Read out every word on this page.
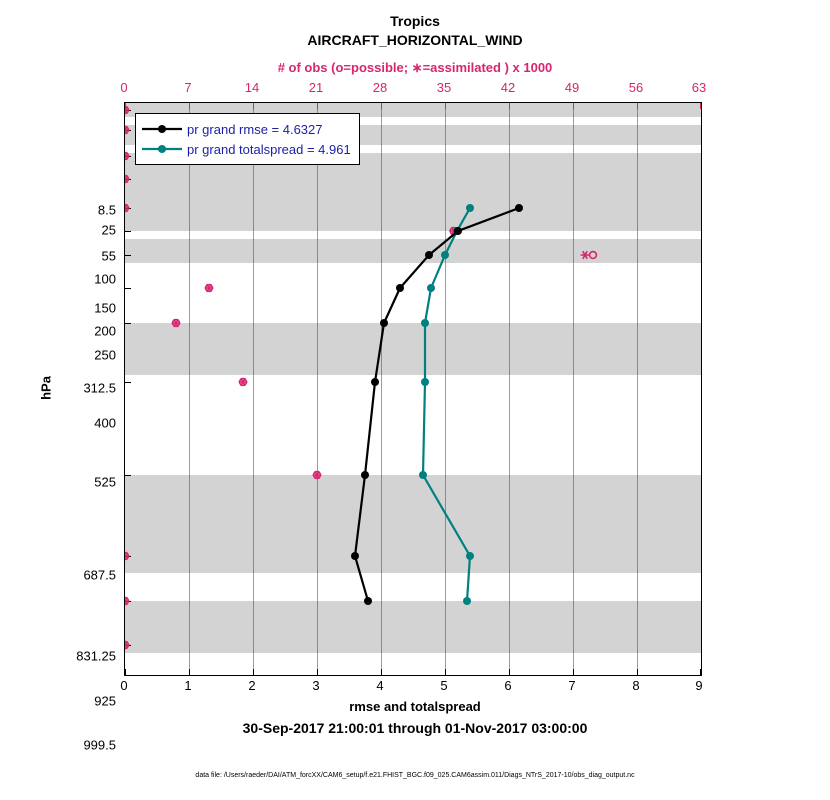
Tropics
AIRCRAFT_HORIZONTAL_WIND
# of obs (o=possible; ∗=assimilated ) x 1000
hPa
pr grand rmse = 4.6327
pr grand totalspread = 4.961
0	7	14	21	28	35	42	49	56	63
0	1	2	3	4	5	6	7	8	9
8.5
25
55
100
150
200
250
312.5
400
525
687.5
831.25
925
999.5
rmse and totalspread
30-Sep-2017 21:00:01 through 01-Nov-2017 03:00:00
data file: /Users/raeder/DAI/ATM_forcXX/CAM6_setup/f.e21.FHIST_BGC.f09_025.CAM6assim.011/Diags_NTrS_2017-10/obs_diag_output.nc
